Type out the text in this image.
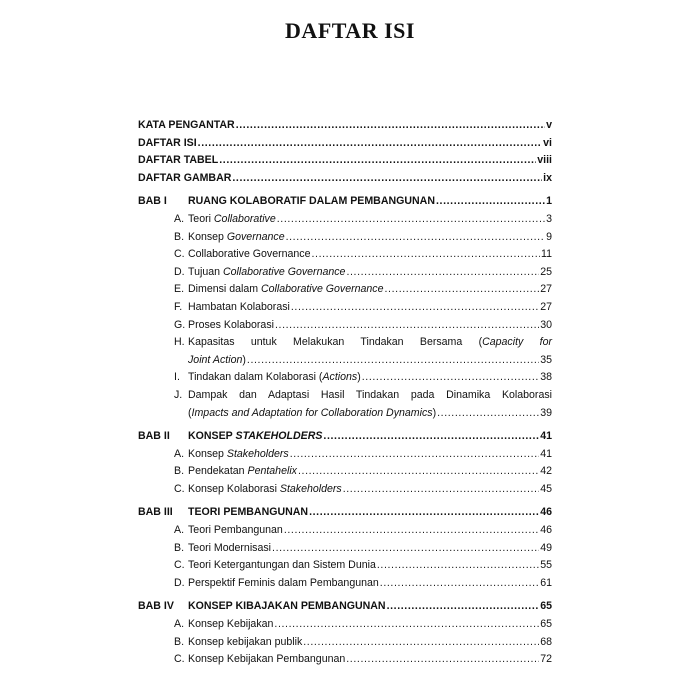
DAFTAR ISI
KATA PENGANTAR .....	v
DAFTAR ISI .....	vi
DAFTAR TABEL .....	viii
DAFTAR GAMBAR .....	ix
BAB I RUANG KOLABORATIF DALAM PEMBANGUNAN .....	1
A. Teori Collaborative .....	3
B. Konsep Governance .....	9
C. Collaborative Governance .....	11
D. Tujuan Collaborative Governance .....	25
E. Dimensi dalam Collaborative Governance .....	27
F. Hambatan Kolaborasi .....	27
G. Proses Kolaborasi .....	30
H. Kapasitas untuk Melakukan Tindakan Bersama (Capacity for
Joint Action) .....	35
I. Tindakan dalam Kolaborasi (Actions) .....	38
J. Dampak dan Adaptasi Hasil Tindakan pada Dinamika Kolaborasi
(Impacts and Adaptation for Collaboration Dynamics) .....	39
BAB II KONSEP STAKEHOLDERS .....	41
A. Konsep Stakeholders .....	41
B. Pendekatan Pentahelix .....	42
C. Konsep Kolaborasi Stakeholders .....	45
BAB III TEORI PEMBANGUNAN .....	46
A. Teori Pembangunan .....	46
B. Teori Modernisasi .....	49
C. Teori Ketergantungan dan Sistem Dunia .....	55
D. Perspektif Feminis dalam Pembangunan .....	61
BAB IV KONSEP KIBAJAKAN PEMBANGUNAN .....	65
A. Konsep Kebijakan .....	65
B. Konsep kebijakan publik .....	68
C. Konsep Kebijakan Pembangunan .....	72
